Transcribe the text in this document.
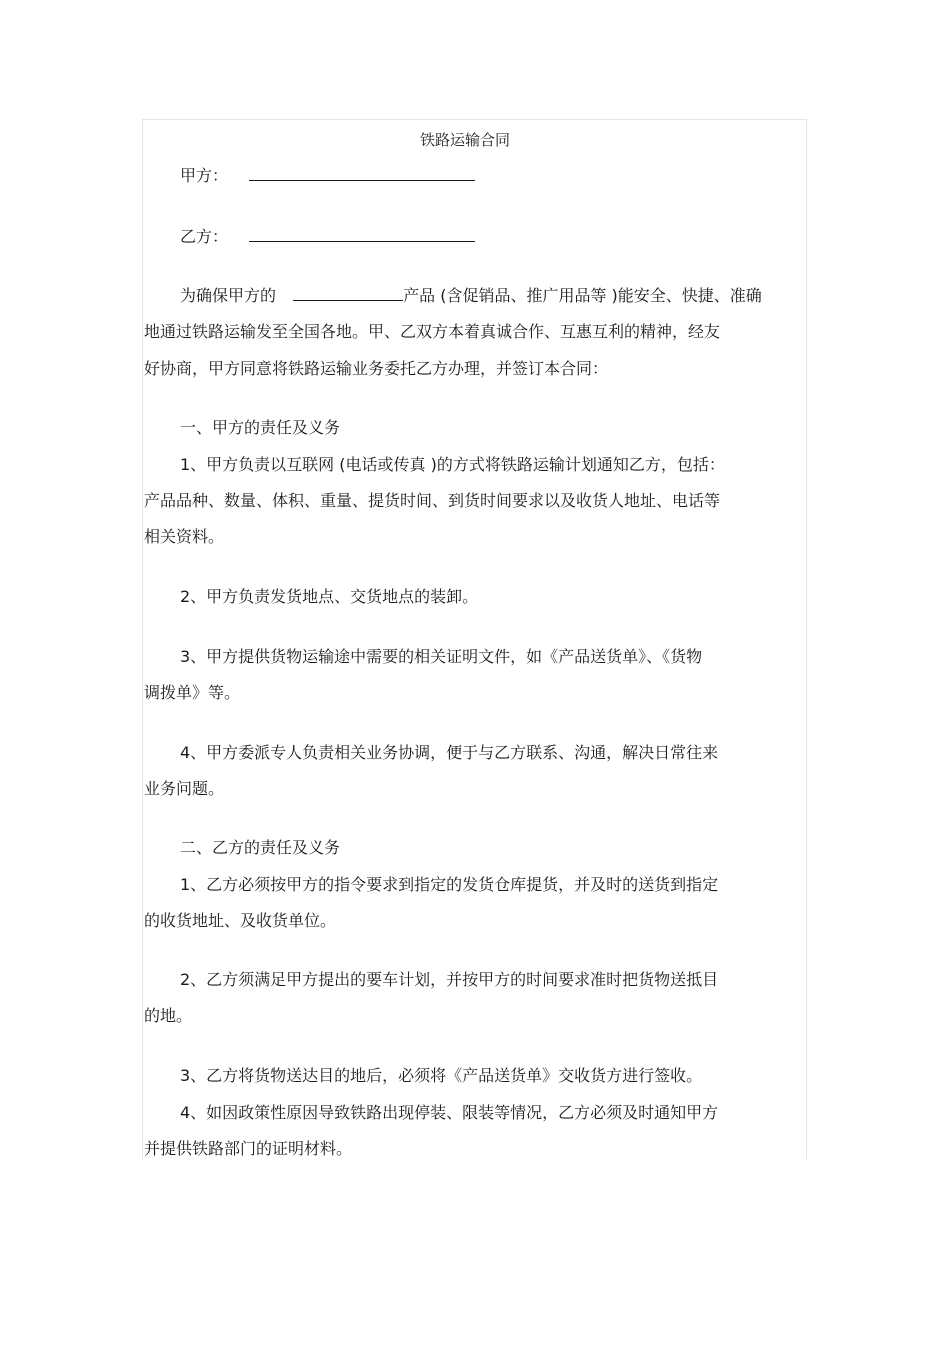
铁路运输合同
甲方：
乙方：
为确保甲方的	产品 (含促销品、推广用品等 )能安全、快捷、准确
地通过铁路运输发至全国各地。甲、乙双方本着真诚合作、互惠互利的精神，经友
好协商，甲方同意将铁路运输业务委托乙方办理，并签订本合同：
一、甲方的责任及义务
1、甲方负责以互联网 (电话或传真 )的方式将铁路运输计划通知乙方，包括：
产品品种、数量、体积、重量、提货时间、到货时间要求以及收货人地址、电话等
相关资料。
2、甲方负责发货地点、交货地点的装卸。
3、甲方提供货物运输途中需要的相关证明文件，如《产品送货单》、《货物
调拨单》等。
4、甲方委派专人负责相关业务协调，便于与乙方联系、沟通，解决日常往来
业务问题。
二、乙方的责任及义务
1、乙方必须按甲方的指令要求到指定的发货仓库提货，并及时的送货到指定
的收货地址、及收货单位。
2、乙方须满足甲方提出的要车计划，并按甲方的时间要求准时把货物送抵目
的地。
3、乙方将货物送达目的地后，必须将《产品送货单》交收货方进行签收。
4、如因政策性原因导致铁路出现停装、限装等情况，乙方必须及时通知甲方
并提供铁路部门的证明材料。
